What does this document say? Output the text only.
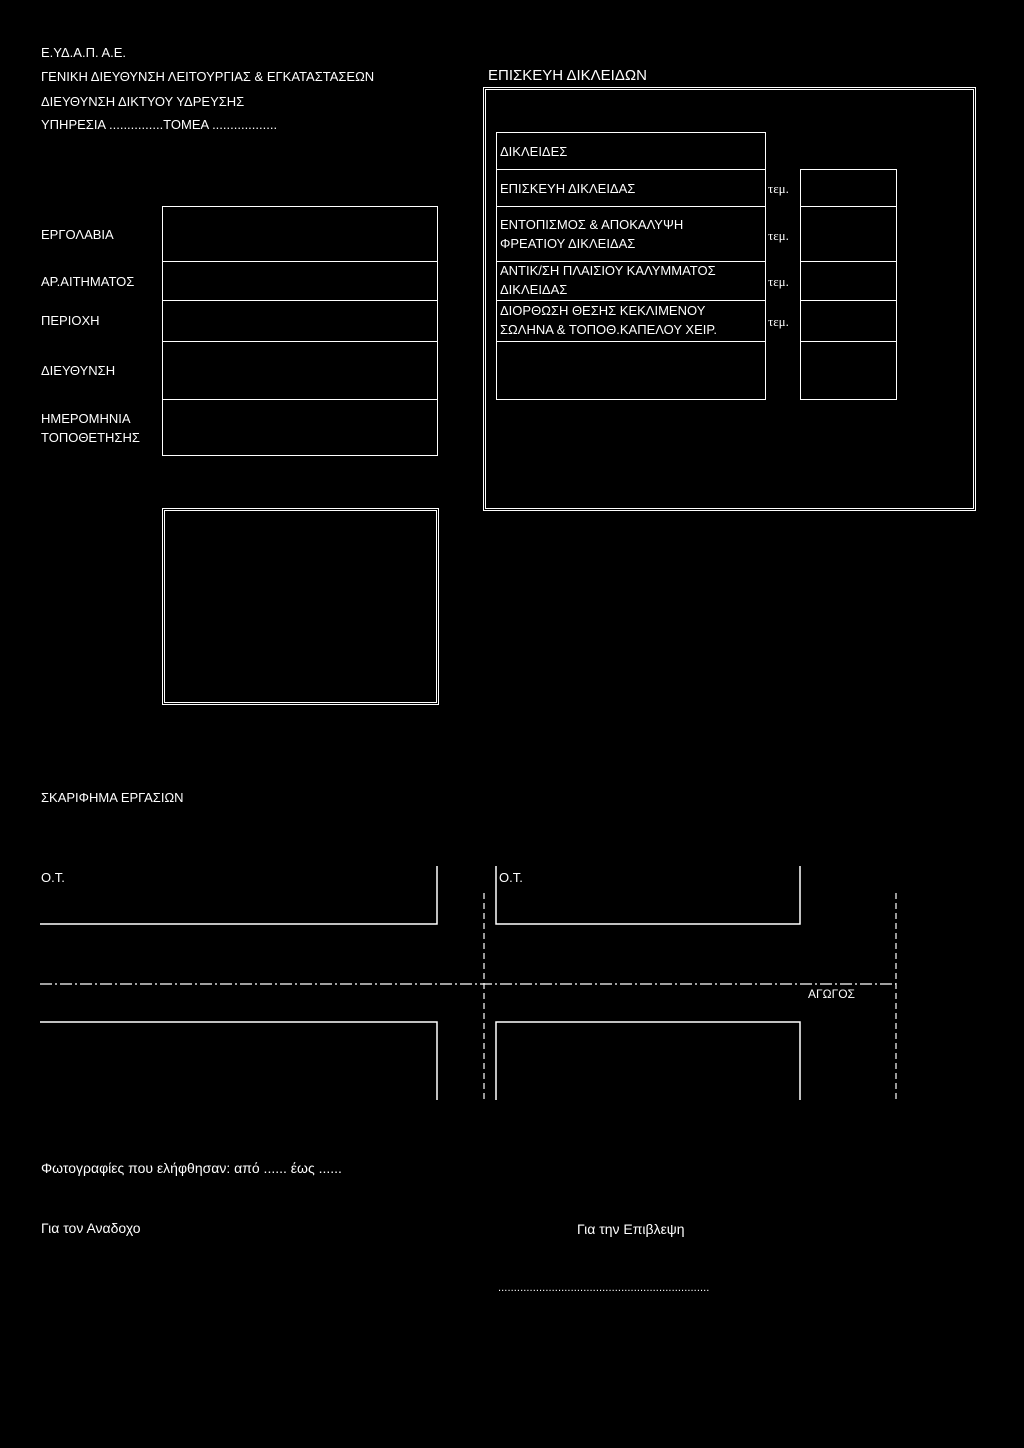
Ε.ΥΔ.Α.Π. Α.Ε.
ΓΕΝΙΚΗ ΔΙΕΥΘΥΝΣΗ ΛΕΙΤΟΥΡΓΙΑΣ & ΕΓΚΑΤΑΣΤΑΣΕΩΝ
ΔΙΕΥΘΥΝΣΗ ΔΙΚΤΥΟΥ ΥΔΡΕΥΣΗΣ
ΥΠΗΡΕΣΙΑ ...............ΤΟΜΕΑ ..................
ΕΠΙΣΚΕΥΗ ΔΙΚΛΕΙΔΩΝ
ΕΡΓΟΛΑΒΙΑ
ΑΡ.ΑΙΤΗΜΑΤΟΣ
ΠΕΡΙΟΧΗ
ΔΙΕΥΘΥΝΣΗ
ΗΜΕΡΟΜΗΝΙΑ
ΤΟΠΟΘΕΤΗΣΗΣ
ΔΙΚΛΕΙΔΕΣ
ΕΠΙΣΚΕΥΗ ΔΙΚΛΕΙΔΑΣ
ΕΝΤΟΠΙΣΜΟΣ & ΑΠΟΚΑΛΥΨΗ
ΦΡΕΑΤΙΟΥ ΔΙΚΛΕΙΔΑΣ
ΑΝΤΙΚ/ΣΗ ΠΛΑΙΣΙΟΥ ΚΑΛΥΜΜΑΤΟΣ
ΔΙΚΛΕΙΔΑΣ
ΔΙΟΡΘΩΣΗ ΘΕΣΗΣ ΚΕΚΛΙΜΕΝΟΥ
ΣΩΛΗΝΑ & ΤΟΠΟΘ.ΚΑΠΕΛΟΥ ΧΕΙΡ.
τεμ.
τεμ.
τεμ.
τεμ.
ΣΚΑΡΙΦΗΜΑ ΕΡΓΑΣΙΩΝ
Ο.Τ.	Ο.Τ.
ΑΓΩΓΟΣ
Φωτογραφίες που ελήφθησαν: από ...... έως ......
Για τον Αναδοχο	Για την Επιβλεψη
...................................................................
